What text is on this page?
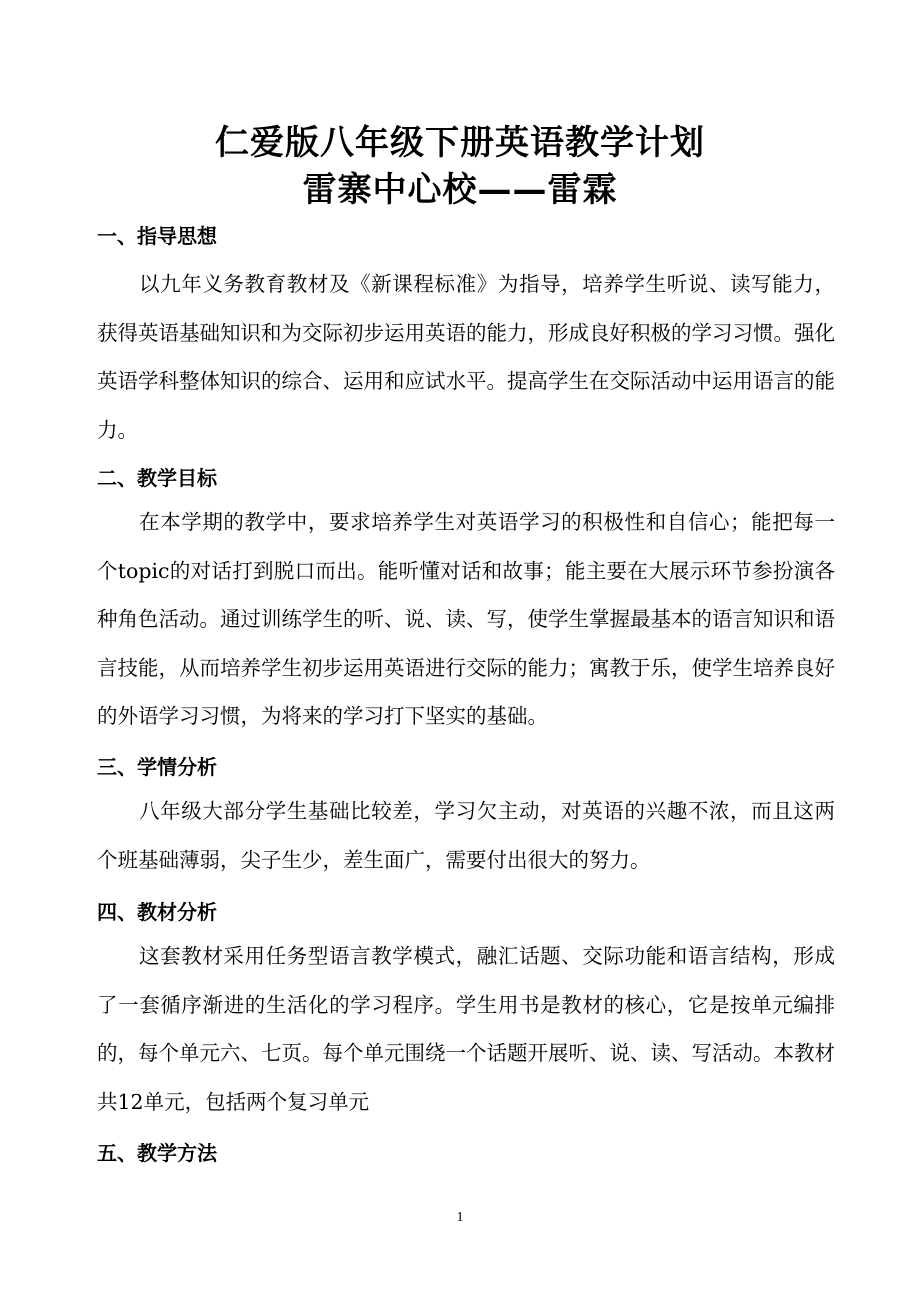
仁爱版八年级下册英语教学计划
雷寨中心校——雷霖
一、指导思想

以九年义务教育教材及《新课程标准》为指导，培养学生听说、读写能力，获得英语基础知识和为交际初步运用英语的能力，形成良好积极的学习习惯。强化英语学科整体知识的综合、运用和应试水平。提高学生在交际活动中运用语言的能力。

二、教学目标

在本学期的教学中，要求培养学生对英语学习的积极性和自信心；能把每一个topic的对话打到脱口而出。能听懂对话和故事；能主要在大展示环节参扮演各种角色活动。通过训练学生的听、说、读、写，使学生掌握最基本的语言知识和语言技能，从而培养学生初步运用英语进行交际的能力；寓教于乐，使学生培养良好的外语学习习惯，为将来的学习打下坚实的基础。

三、学情分析

八年级大部分学生基础比较差，学习欠主动，对英语的兴趣不浓，而且这两个班基础薄弱，尖子生少，差生面广，需要付出很大的努力。

四、教材分析

这套教材采用任务型语言教学模式，融汇话题、交际功能和语言结构，形成了一套循序渐进的生活化的学习程序。学生用书是教材的核心，它是按单元编排的，每个单元六、七页。每个单元围绕一个话题开展听、说、读、写活动。本教材共12单元，包括两个复习单元

五、教学方法
1
